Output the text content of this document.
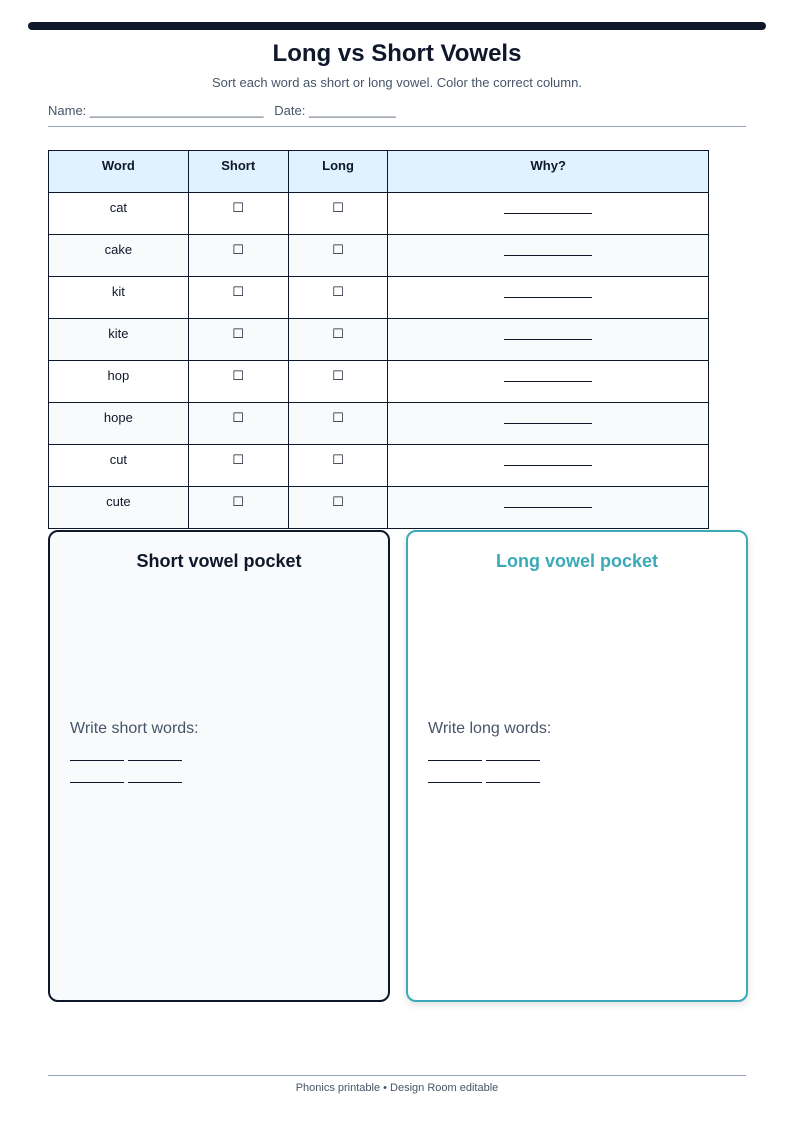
Long vs Short Vowels

Sort each word as short or long vowel. Color the correct column.

Name: ________________________   Date: ____________
Word	Short	Long	Why?
cat	☐	☐	
cake	☐	☐	
kit	☐	☐	
kite	☐	☐	
hop	☐	☐	
hope	☐	☐	
cut	☐	☐	
cute	☐	☐	
Short vowel pocket
Write short words:
Long vowel pocket
Write long words:
Phonics printable • Design Room editable
